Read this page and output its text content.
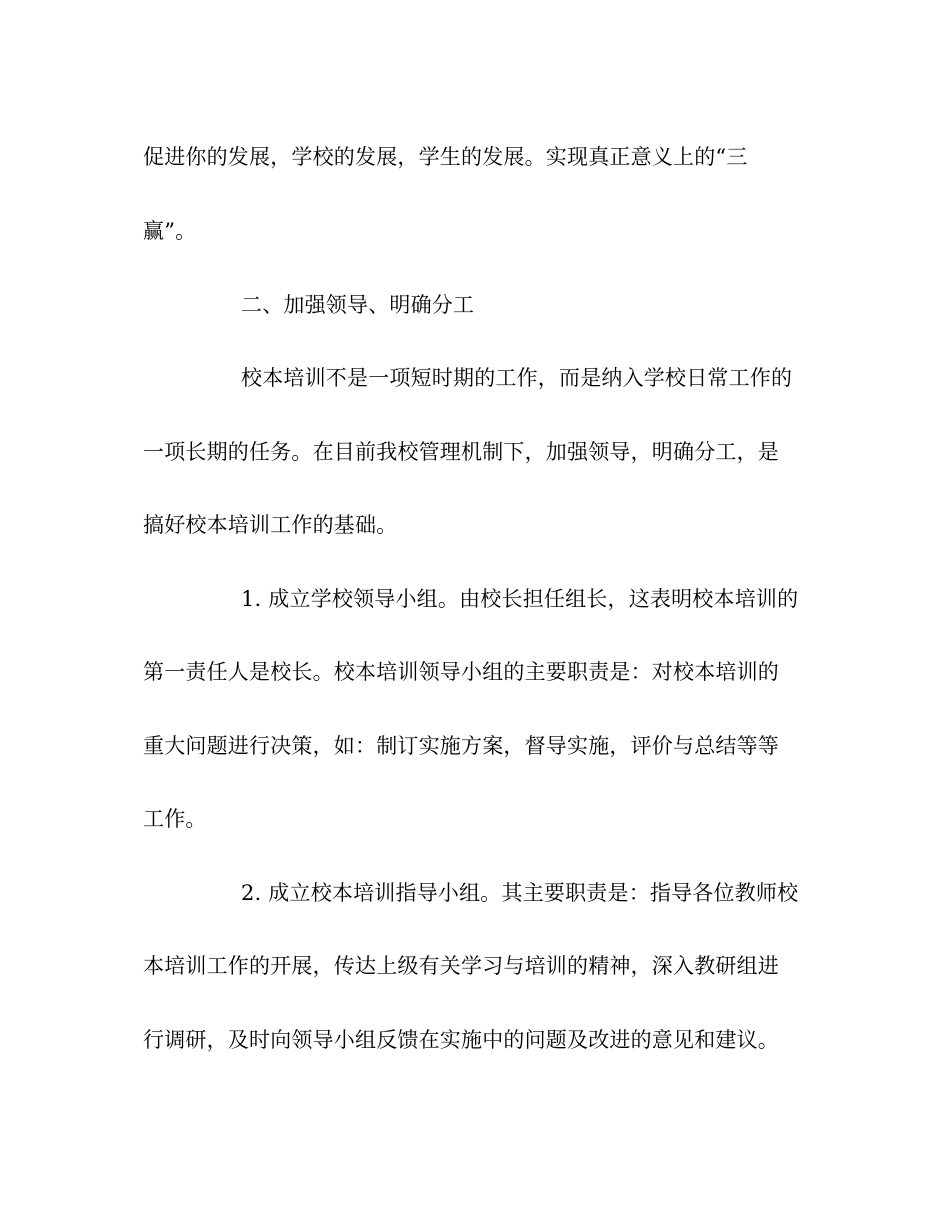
促进你的发展，学校的发展，学生的发展。实现真正意义上的“三
赢”。
二、加强领导、明确分工
校本培训不是一项短时期的工作，而是纳入学校日常工作的
一项长期的任务。在目前我校管理机制下，加强领导，明确分工，是
搞好校本培训工作的基础。
1. 成立学校领导小组。由校长担任组长，这表明校本培训的
第一责任人是校长。校本培训领导小组的主要职责是：对校本培训的
重大问题进行决策，如：制订实施方案，督导实施，评价与总结等等
工作。
2. 成立校本培训指导小组。其主要职责是：指导各位教师校
本培训工作的开展，传达上级有关学习与培训的精神，深入教研组进
行调研，及时向领导小组反馈在实施中的问题及改进的意见和建议。
